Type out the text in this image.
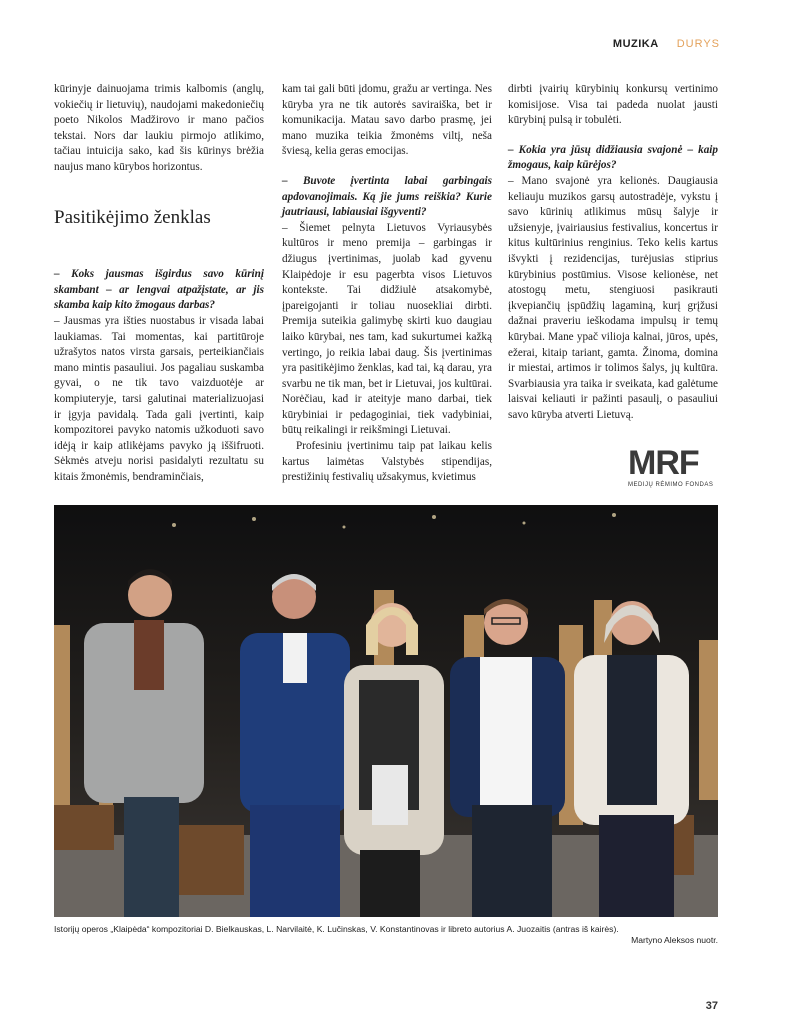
MUZIKA DURYS

kūrinyje dainuojama trimis kalbomis (anglų, vokiečių ir lietuvių), naudojami makedoniečių poeto Nikolos Madžirovo ir mano pačios tekstai. Nors dar laukiu pirmojo atlikimo, tačiau intuicija sako, kad šis kūrinys brėžia naujus mano kūrybos horizontus.

Pasitikėjimo ženklas

– Koks jausmas išgirdus savo kūrinį skambant – ar lengvai atpažįstate, ar jis skamba kaip kito žmogaus darbas?

– Jausmas yra išties nuostabus ir visada labai laukiamas. Tai momentas, kai partitūroje užrašytos natos virsta garsais, perteikiančiais mano mintis pasauliui. Jos pagaliau suskamba gyvai, o ne tik tavo vaizduotėje ar kompiuteryje, tarsi galutinai materializuojasi ir įgyja pavidalą. Tada gali įvertinti, kaip kompozitorei pavyko natomis užkoduoti savo idėją ir kaip atlikėjams pavyko ją iššifruoti. Sėkmės atveju norisi pasidalyti rezultatu su kitais žmonėmis, bendraminčiais,

kam tai gali būti įdomu, gražu ar vertinga. Nes kūryba yra ne tik autorės saviraiška, bet ir komunikacija. Matau savo darbo prasmę, jei mano muzika teikia žmonėms viltį, neša šviesą, kelia geras emocijas.

– Buvote įvertinta labai garbingais apdovanojimais. Ką jie jums reiškia? Kurie jautriausi, labiausiai išgyventi?

– Šiemet pelnyta Lietuvos Vyriausybės kultūros ir meno premija – garbingas ir džiugus įvertinimas, juolab kad gyvenu Klaipėdoje ir esu pagerbta visos Lietuvos kontekste. Tai didžiulė atsakomybė, įpareigojanti ir toliau nuosekliai dirbti. Premija suteikia galimybę skirti kuo daugiau laiko kūrybai, nes tam, kad sukurtumei kažką vertingo, jo reikia labai daug. Šis įvertinimas yra pasitikėjimo ženklas, kad tai, ką darau, yra svarbu ne tik man, bet ir Lietuvai, jos kultūrai. Norėčiau, kad ir ateityje mano darbai, tiek kūrybiniai ir pedagoginiai, tiek vadybiniai, būtų reikalingi ir reikšmingi Lietuvai.

Profesiniu įvertinimu taip pat laikau kelis kartus laimėtas Valstybės stipendijas, prestižinių festivalių užsakymus, kvietimus

dirbti įvairių kūrybinių konkursų vertinimo komisijose. Visa tai padeda nuolat jausti kūrybinį pulsą ir tobulėti.

– Kokia yra jūsų didžiausia svajonė – kaip žmogaus, kaip kūrėjos?

– Mano svajonė yra kelionės. Daugiausia keliauju muzikos garsų autostradėje, vykstu į savo kūrinių atlikimus mūsų šalyje ir užsienyje, įvairiausius festivalius, koncertus ir kitus kultūrinius renginius. Teko kelis kartus išvykti į rezidencijas, turėjusias stiprius kūrybinius postūmius. Visose kelionėse, net atostogų metu, stengiuosi pasikrauti įkvepiančių įspūdžių lagaminą, kurį grįžusi dažnai praveriu ieškodama impulsų ir temų kūrybai. Mane ypač vilioja kalnai, jūros, upės, ežerai, kitaip tariant, gamta. Žinoma, domina ir miestai, artimos ir tolimos šalys, jų kultūra. Svarbiausia yra taika ir sveikata, kad galėtume laisvai keliauti ir pažinti pasaulį, o pasauliui savo kūryba atverti Lietuvą.

MRF
MEDIJŲ RĖMIMO FONDAS
Istorijų operos „Klaipėda“ kompozitoriai D. Bielkauskas, L. Narvilaitė, K. Lučinskas, V. Konstantinovas ir libreto autorius A. Juozaitis (antras iš kairės).
Martyno Aleksos nuotr.
37
